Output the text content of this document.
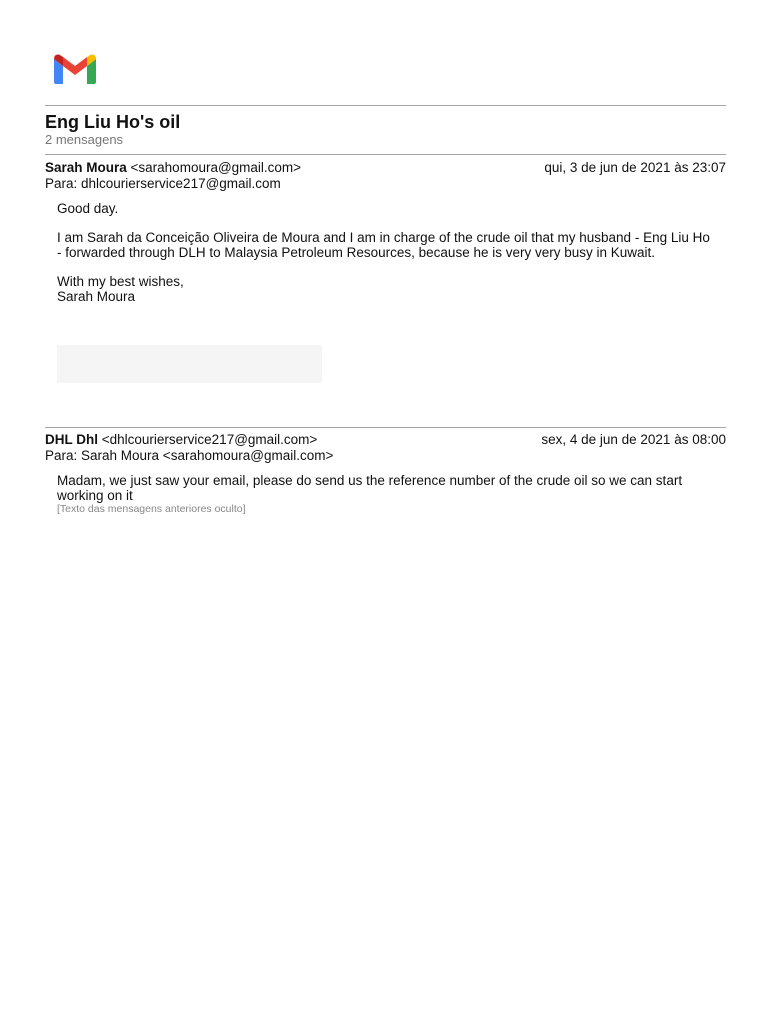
Eng Liu Ho's oil
2 mensagens
Sarah Moura <sarahomoura@gmail.com>	qui, 3 de jun de 2021 às 23:07
Para: dhlcourierservice217@gmail.com

Good day.

I am Sarah da Conceição Oliveira de Moura and I am in charge of the crude oil that my husband - Eng Liu Ho - forwarded through DLH to Malaysia Petroleum Resources, because he is very very busy in Kuwait.

With my best wishes,

Sarah Moura

DHL Dhl <dhlcourierservice217@gmail.com>	sex, 4 de jun de 2021 às 08:00
Para: Sarah Moura <sarahomoura@gmail.com>

Madam, we just saw your email, please do send us the reference number of the crude oil so we can start working on it

[Texto das mensagens anteriores oculto]
